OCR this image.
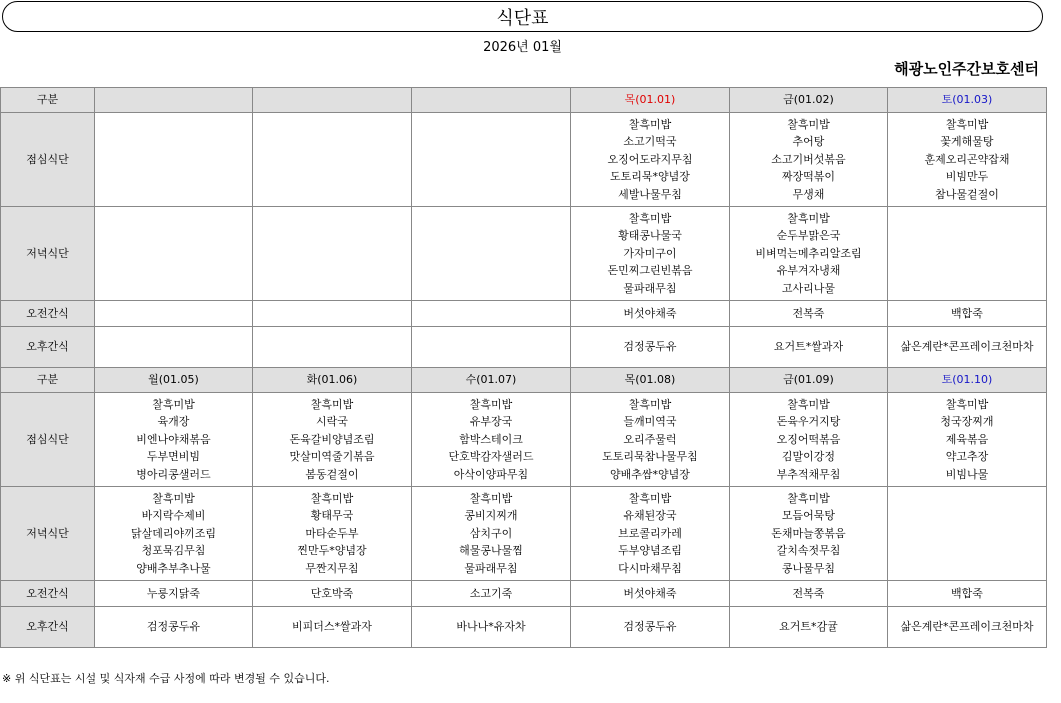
식단표
2026년 01월
해광노인주간보호센터
구분				목(01.01)	금(01.02)	토(01.03)
점심식단				찰흑미밥
소고기떡국
오징어도라지무침
도토리묵*양념장
세발나물무침	찰흑미밥
추어탕
소고기버섯볶음
짜장떡볶이
무생채	찰흑미밥
꽃게해물탕
훈제오리곤약잡채
비빔만두
참나물겉절이

저녁식단				찰흑미밥
황태콩나물국
가자미구이
돈민찌그린빈볶음
물파래무침	찰흑미밥
순두부맑은국
비벼먹는메추리알조림
유부겨자냉채
고사리나물	

오전간식				버섯야채죽	전복죽	백합죽
오후간식				검정콩두유	요거트*쌀과자	삶은계란*콘프레이크천마차
구분	월(01.05)	화(01.06)	수(01.07)	목(01.08)	금(01.09)	토(01.10)
점심식단	찰흑미밥
육개장
비엔나야채볶음
두부면비빔
병아리콩샐러드	찰흑미밥
시락국
돈육갈비양념조림
맛살미역줄기볶음
봄동겉절이	찰흑미밥
유부장국
함박스테이크
단호박감자샐러드
아삭이양파무침	찰흑미밥
들깨미역국
오리주물럭
도토리묵참나물무침
양배추쌈*양념장	찰흑미밥
돈육우거지탕
오징어떡볶음
김말이강정
부추적채무침	찰흑미밥
청국장찌개
제육볶음
약고추장
비빔나물

저녁식단	찰흑미밥
바지락수제비
닭살데리야끼조림
청포묵김무침
양배추부추나물	찰흑미밥
황태무국
마타순두부
찐만두*양념장
무짠지무침	찰흑미밥
콩비지찌개
삼치구이
해물콩나물찜
물파래무침	찰흑미밥
유채된장국
브로콜리카레
두부양념조림
다시마채무침	찰흑미밥
모듬어묵탕
돈채마늘쫑볶음
갈치속젓무침
콩나물무침	

오전간식	누룽지닭죽	단호박죽	소고기죽	버섯야채죽	전복죽	백합죽
오후간식	검정콩두유	비피더스*쌀과자	바나나*유자차	검정콩두유	요거트*감귤	삶은계란*콘프레이크천마차
※ 위 식단표는 시설 및 식자재 수급 사정에 따라 변경될 수 있습니다.
